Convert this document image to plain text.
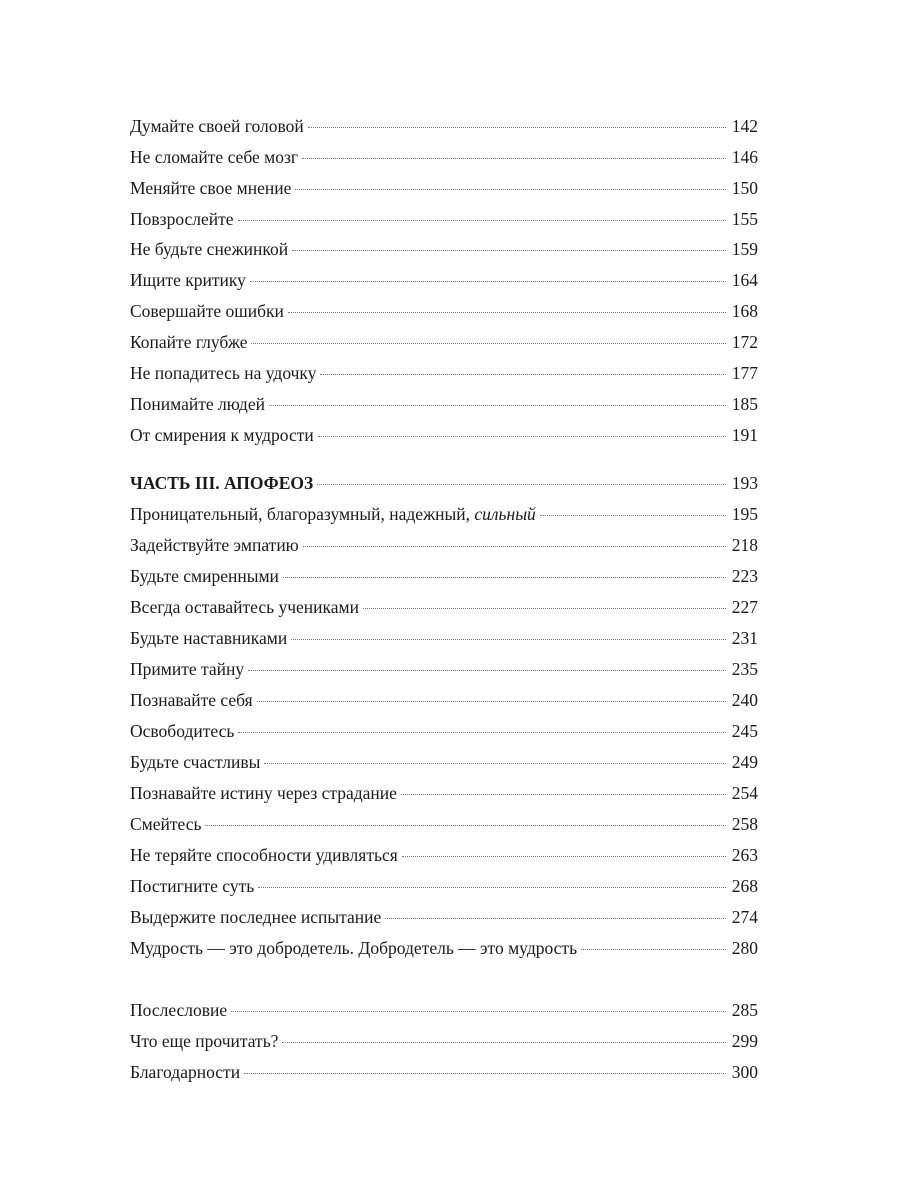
Думайте своей головой	142
Не сломайте себе мозг	146
Меняйте свое мнение	150
Повзрослейте	155
Не будьте снежинкой	159
Ищите критику	164
Совершайте ошибки	168
Копайте глубже	172
Не попадитесь на удочку	177
Понимайте людей	185
От смирения к мудрости	191
ЧАСТЬ III. АПОФЕОЗ	193
Проницательный, благоразумный, надежный, сильный	195
Задействуйте эмпатию	218
Будьте смиренными	223
Всегда оставайтесь учениками	227
Будьте наставниками	231
Примите тайну	235
Познавайте себя	240
Освободитесь	245
Будьте счастливы	249
Познавайте истину через страдание	254
Смейтесь	258
Не теряйте способности удивляться	263
Постигните суть	268
Выдержите последнее испытание	274
Мудрость — это добродетель. Добродетель — это мудрость	280
Послесловие	285
Что еще прочитать?	299
Благодарности	300
